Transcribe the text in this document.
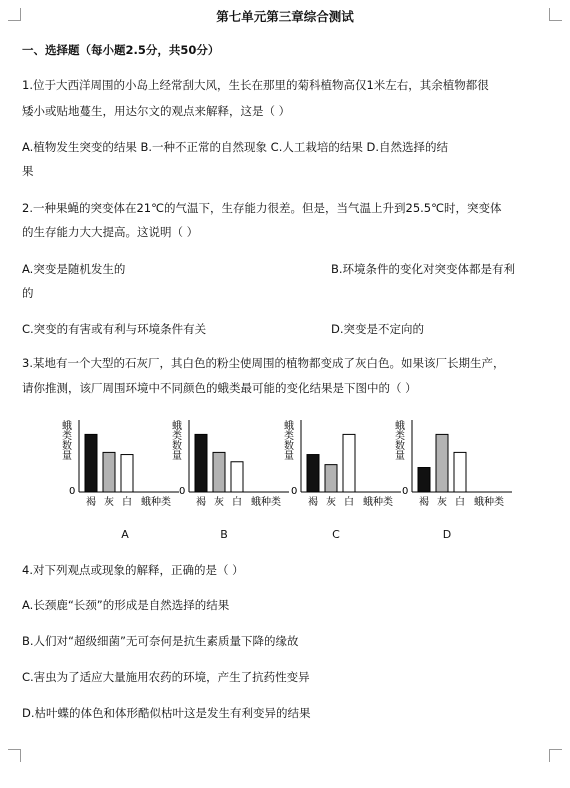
第七单元第三章综合测试
一、选择题（每小题2.5分，共50分）
1.位于大西洋周围的小岛上经常刮大风，生长在那里的菊科植物高仅1米左右，其余植物都很
矮小或贴地蔓生，用达尔文的观点来解释，这是（ ）
A.植物发生突变的结果 B.一种不正常的自然现象 C.人工栽培的结果 D.自然选择的结
果
2.一种果蝇的突变体在21℃的气温下，生存能力很差。但是，当气温上升到25.5℃时，突变体
的生存能力大大提高。这说明（ ）
A.突变是随机发生的	B.环境条件的变化对突变体都是有利
的
C.突变的有害或有利与环境条件有关	D.突变是不定向的
3.某地有一个大型的石灰厂，其白色的粉尘使周围的植物都变成了灰白色。如果该厂长期生产，
请你推测，该厂周围环境中不同颜色的蛾类最可能的变化结果是下图中的（ ）
蛾类数量
0
褐 灰 白 蛾种类
蛾类数量
0
褐 灰 白 蛾种类
蛾类数量
0
褐 灰 白 蛾种类
蛾类数量
0
褐 灰 白 蛾种类
A	B	C	D
4.对下列观点或现象的解释，正确的是（ ）
A.长颈鹿“长颈”的形成是自然选择的结果
B.人们对“超级细菌”无可奈何是抗生素质量下降的缘故
C.害虫为了适应大量施用农药的环境，产生了抗药性变异
D.枯叶蝶的体色和体形酷似枯叶这是发生有利变异的结果
